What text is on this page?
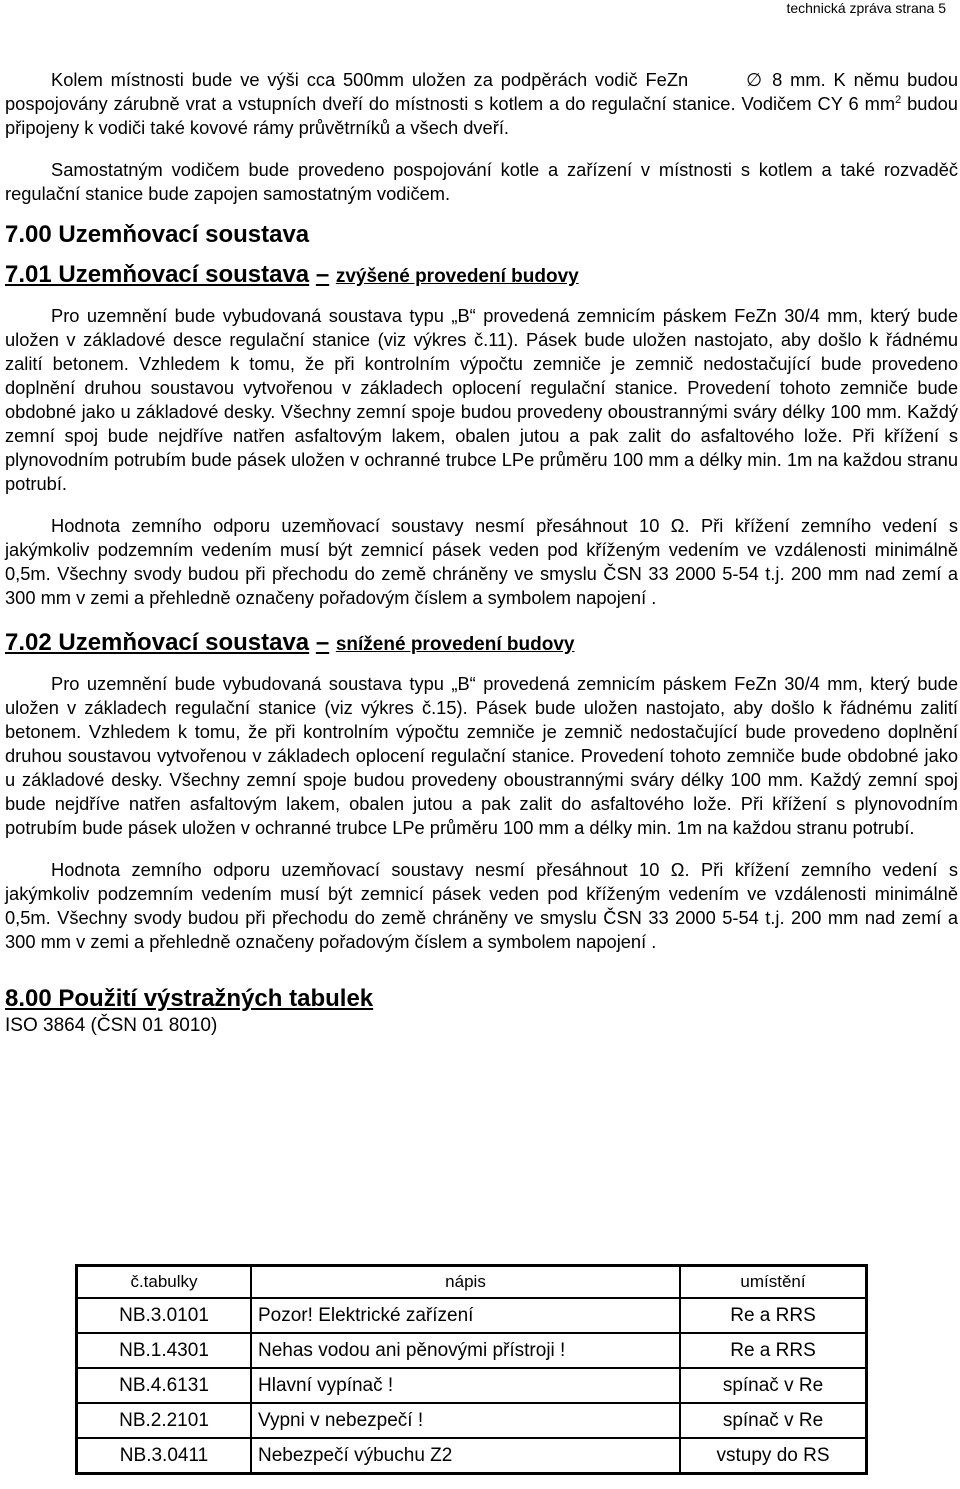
technická zpráva strana 5

Kolem místnosti bude ve výši cca 500mm uložen za podpěrách vodič FeZn	∅ 8 mm. K němu budou pospojovány zárubně vrat a vstupních dveří do místnosti s kotlem a do regulační stanice. Vodičem CY 6 $mm^2$ budou připojeny k vodiči také kovové rámy průvětrníků a všech dveří.

Samostatným vodičem bude provedeno pospojování kotle a zařízení v místnosti s kotlem a také rozvaděč regulační stanice bude zapojen samostatným vodičem.

7.00 Uzemňovací soustava
7.01 Uzemňovací soustava – zvýšené provedení budovy

Pro uzemnění bude vybudovaná soustava typu „B“ provedená zemnicím páskem FeZn 30/4 mm, který bude uložen v základové desce regulační stanice (viz výkres č.11). Pásek bude uložen nastojato, aby došlo k řádnému zalití betonem. Vzhledem k tomu, že při kontrolním výpočtu zemniče je zemnič nedostačující bude provedeno doplnění druhou soustavou vytvořenou v základech oplocení regulační stanice. Provedení tohoto zemniče bude obdobné jako u základové desky. Všechny zemní spoje budou provedeny oboustrannými sváry délky 100 mm. Každý zemní spoj bude nejdříve natřen asfaltovým lakem, obalen jutou a pak zalit do asfaltového lože. Při křížení s plynovodním potrubím bude pásek uložen v ochranné trubce LPe průměru 100 mm a délky min. 1m na každou stranu potrubí.

Hodnota zemního odporu uzemňovací soustavy nesmí přesáhnout 10 Ω. Při křížení zemního vedení s jakýmkoliv podzemním vedením musí být zemnicí pásek veden pod kříženým vedením ve vzdálenosti minimálně 0,5m. Všechny svody budou při přechodu do země chráněny ve smyslu ČSN 33 2000 5-54 t.j. 200 mm nad zemí a 300 mm v zemi a přehledně označeny pořadovým číslem a symbolem napojení .

7.02 Uzemňovací soustava – snížené provedení budovy

Pro uzemnění bude vybudovaná soustava typu „B“ provedená zemnicím páskem FeZn 30/4 mm, který bude uložen v základech regulační stanice (viz výkres č.15). Pásek bude uložen nastojato, aby došlo k řádnému zalití betonem. Vzhledem k tomu, že při kontrolním výpočtu zemniče je zemnič nedostačující bude provedeno doplnění druhou soustavou vytvořenou v základech oplocení regulační stanice. Provedení tohoto zemniče bude obdobné jako u základové desky. Všechny zemní spoje budou provedeny oboustrannými sváry délky 100 mm. Každý zemní spoj bude nejdříve natřen asfaltovým lakem, obalen jutou a pak zalit do asfaltového lože. Při křížení s plynovodním potrubím bude pásek uložen v ochranné trubce LPe průměru 100 mm a délky min. 1m na každou stranu potrubí.

Hodnota zemního odporu uzemňovací soustavy nesmí přesáhnout 10 Ω. Při křížení zemního vedení s jakýmkoliv podzemním vedením musí být zemnicí pásek veden pod kříženým vedením ve vzdálenosti minimálně 0,5m. Všechny svody budou při přechodu do země chráněny ve smyslu ČSN 33 2000 5-54 t.j. 200 mm nad zemí a 300 mm v zemi a přehledně označeny pořadovým číslem a symbolem napojení .

8.00 Použití výstražných tabulek

ISO 3864 (ČSN 01 8010)

č.tabulky	nápis	umístění
NB.3.0101	Pozor! Elektrické zařízení	Re a RRS
NB.1.4301	Nehas vodou ani pěnovými přístroji !	Re a RRS
NB.4.6131	Hlavní vypínač !	spínač v Re
NB.2.2101	Vypni v nebezpečí !	spínač v Re
NB.3.0411	Nebezpečí výbuchu Z2	vstupy do RS
